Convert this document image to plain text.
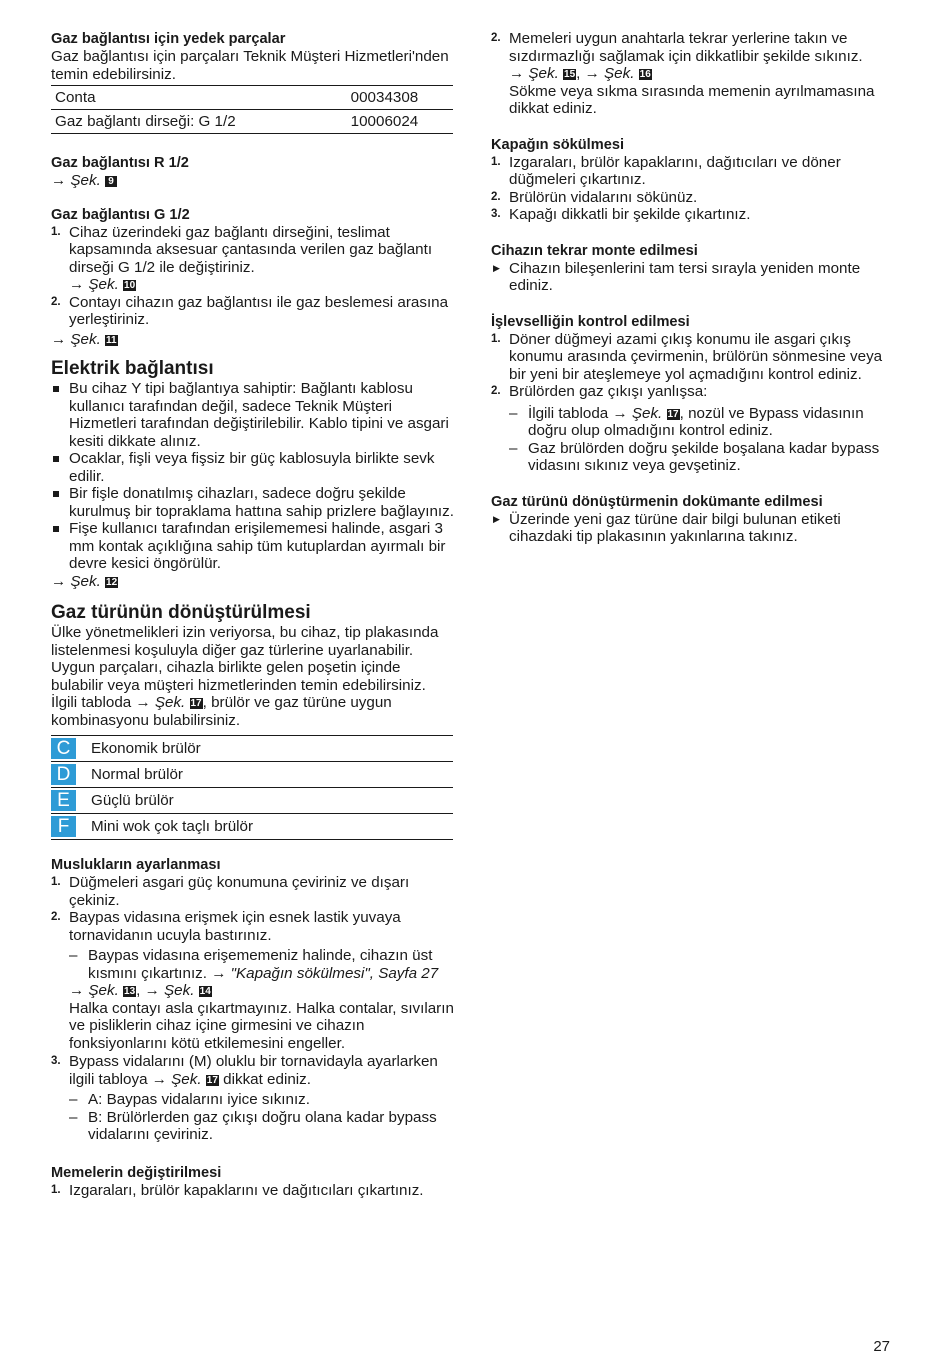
Gaz bağlantısı için yedek parçalar

Gaz bağlantısı için parçaları Teknik Müşteri Hizmetleri'nden temin edebilirsiniz.

Conta	00034308
Gaz bağlantı dirseği: G 1/2	10006024
Gaz bağlantısı R 1/2

→ Şek. 9

Gaz bağlantısı G 1/2
1. Cihaz üzerindeki gaz bağlantı dirseğini, teslimat kapsamında aksesuar çantasında verilen gaz bağlantı dirseği G 1/2 ile değiştiriniz.
→ Şek. 10
2. Contayı cihazın gaz bağlantısı ile gaz beslemesi arasına yerleştiriniz.

→ Şek. 11

Elektrik bağlantısı
Bu cihaz Y tipi bağlantıya sahiptir: Bağlantı kablosu kullanıcı tarafından değil, sadece Teknik Müşteri Hizmetleri tarafından değiştirilebilir. Kablo tipini ve asgari kesiti dikkate alınız.
Ocaklar, fişli veya fişsiz bir güç kablosuyla birlikte sevk edilir.
Bir fişle donatılmış cihazları, sadece doğru şekilde kurulmuş bir topraklama hattına sahip prizlere bağlayınız.
Fişe kullanıcı tarafından erişilememesi halinde, asgari 3 mm kontak açıklığına sahip tüm kutuplardan ayırmalı bir devre kesici öngörülür.

→ Şek. 12

Gaz türünün dönüştürülmesi

Ülke yönetmelikleri izin veriyorsa, bu cihaz, tip plakasında listelenmesi koşuluyla diğer gaz türlerine uyarlanabilir.

Uygun parçaları, cihazla birlikte gelen poşetin içinde bulabilir veya müşteri hizmetlerinden temin edebilirsiniz. İlgili tabloda → Şek. 17, brülör ve gaz türüne uygun kombinasyonu bulabilirsiniz.

C	Ekonomik brülör
D	Normal brülör
E	Güçlü brülör
F	Mini wok çok taçlı brülör
Muslukların ayarlanması
1. Düğmeleri asgari güç konumuna çeviriniz ve dışarı çekiniz.
2. Baypas vidasına erişmek için esnek lastik yuvaya tornavidanın ucuyla bastırınız.
– Baypas vidasına erişememeniz halinde, cihazın üst kısmını çıkartınız. → "Kapağın sökülmesi", Sayfa 27

→ Şek. 13, → Şek. 14

Halka contayı asla çıkartmayınız. Halka contalar, sıvıların ve pisliklerin cihaz içine girmesini ve cihazın fonksiyonlarını kötü etkilemesini engeller.

3. Bypass vidalarını (M) oluklu bir tornavidayla ayarlarken ilgili tabloya → Şek. 17 dikkat ediniz.
– A: Baypas vidalarını iyice sıkınız.
– B: Brülörlerden gaz çıkışı doğru olana kadar bypass vidalarını çeviriniz.
Memelerin değiştirilmesi
1. Izgaraları, brülör kapaklarını ve dağıtıcıları çıkartınız.
2. Memeleri uygun anahtarla tekrar yerlerine takın ve sızdırmazlığı sağlamak için dikkatlibir şekilde sıkınız.
→ Şek. 15, → Şek. 16
Sökme veya sıkma sırasında memenin ayrılmamasına dikkat ediniz.
Kapağın sökülmesi
1. Izgaraları, brülör kapaklarını, dağıtıcıları ve döner düğmeleri çıkartınız.
2. Brülörün vidalarını sökünüz.
3. Kapağı dikkatli bir şekilde çıkartınız.
Cihazın tekrar monte edilmesi
▶ Cihazın bileşenlerini tam tersi sırayla yeniden monte ediniz.
İşlevselliğin kontrol edilmesi
1. Döner düğmeyi azami çıkış konumu ile asgari çıkış konumu arasında çevirmenin, brülörün sönmesine veya bir yeni bir ateşlemeye yol açmadığını kontrol ediniz.
2. Brülörden gaz çıkışı yanlışsa:
– İlgili tabloda → Şek. 17, nozül ve Bypass vidasının doğru olup olmadığını kontrol ediniz.
– Gaz brülörden doğru şekilde boşalana kadar bypass vidasını sıkınız veya gevşetiniz.
Gaz türünü dönüştürmenin dokümante edilmesi
▶ Üzerinde yeni gaz türüne dair bilgi bulunan etiketi cihazdaki tip plakasının yakınlarına takınız.
27
